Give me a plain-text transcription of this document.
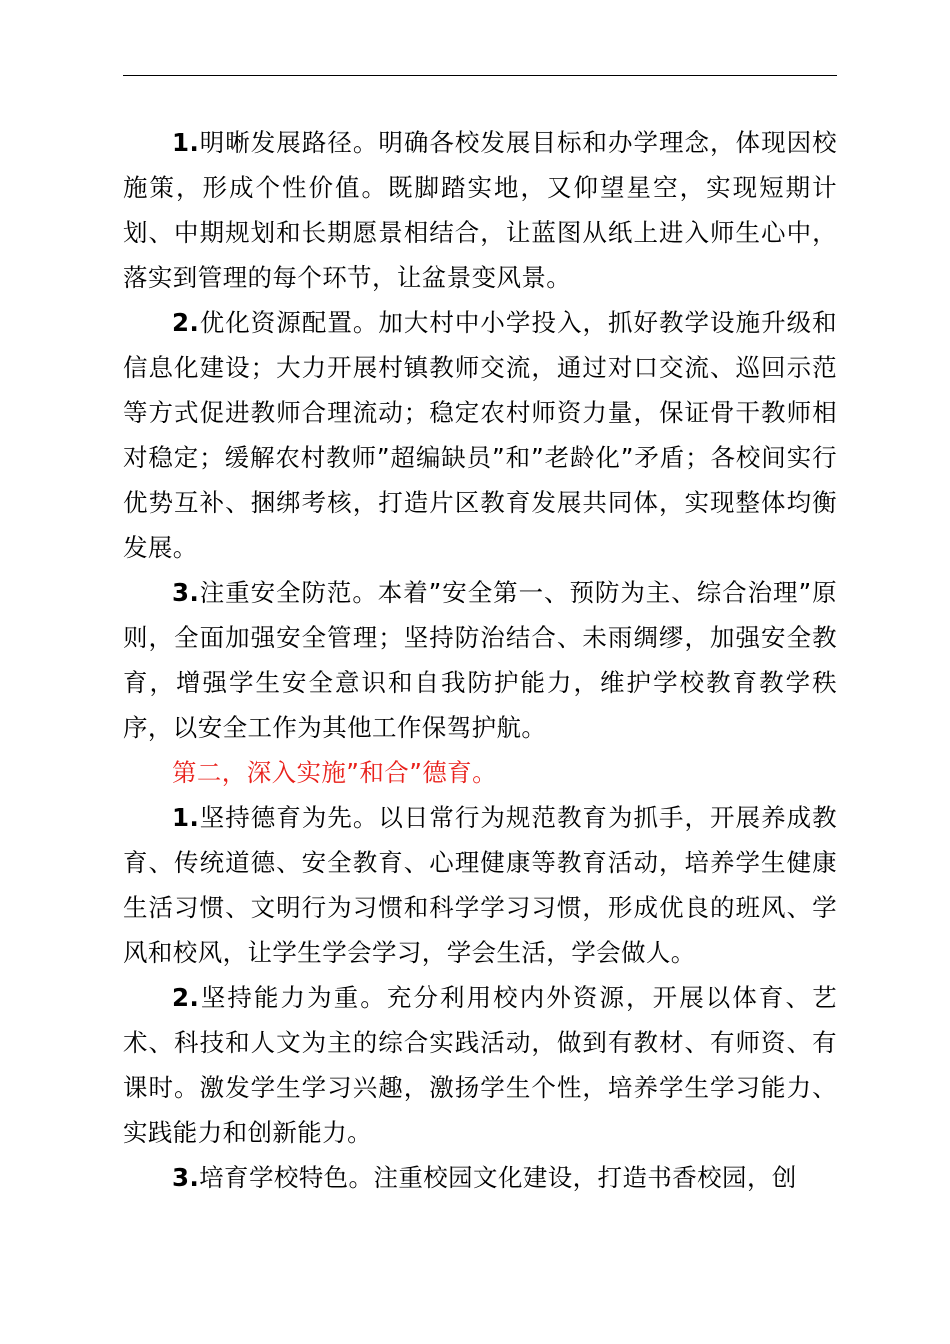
1.明晰发展路径。明确各校发展目标和办学理念，体现因校施策，形成个性价值。既脚踏实地，又仰望星空，实现短期计划、中期规划和长期愿景相结合，让蓝图从纸上进入师生心中，落实到管理的每个环节，让盆景变风景。

2.优化资源配置。加大村中小学投入，抓好教学设施升级和信息化建设；大力开展村镇教师交流，通过对口交流、巡回示范等方式促进教师合理流动；稳定农村师资力量，保证骨干教师相对稳定；缓解农村教师”超编缺员”和”老龄化”矛盾；各校间实行优势互补、捆绑考核，打造片区教育发展共同体，实现整体均衡发展。

3.注重安全防范。本着”安全第一、预防为主、综合治理”原则，全面加强安全管理；坚持防治结合、未雨绸缪，加强安全教育，增强学生安全意识和自我防护能力，维护学校教育教学秩序，以安全工作为其他工作保驾护航。

第二，深入实施”和合”德育。

1.坚持德育为先。以日常行为规范教育为抓手，开展养成教育、传统道德、安全教育、心理健康等教育活动，培养学生健康生活习惯、文明行为习惯和科学学习习惯，形成优良的班风、学风和校风，让学生学会学习，学会生活，学会做人。

2.坚持能力为重。充分利用校内外资源，开展以体育、艺术、科技和人文为主的综合实践活动，做到有教材、有师资、有课时。激发学生学习兴趣，激扬学生个性，培养学生学习能力、实践能力和创新能力。

3.培育学校特色。注重校园文化建设，打造书香校园，创
